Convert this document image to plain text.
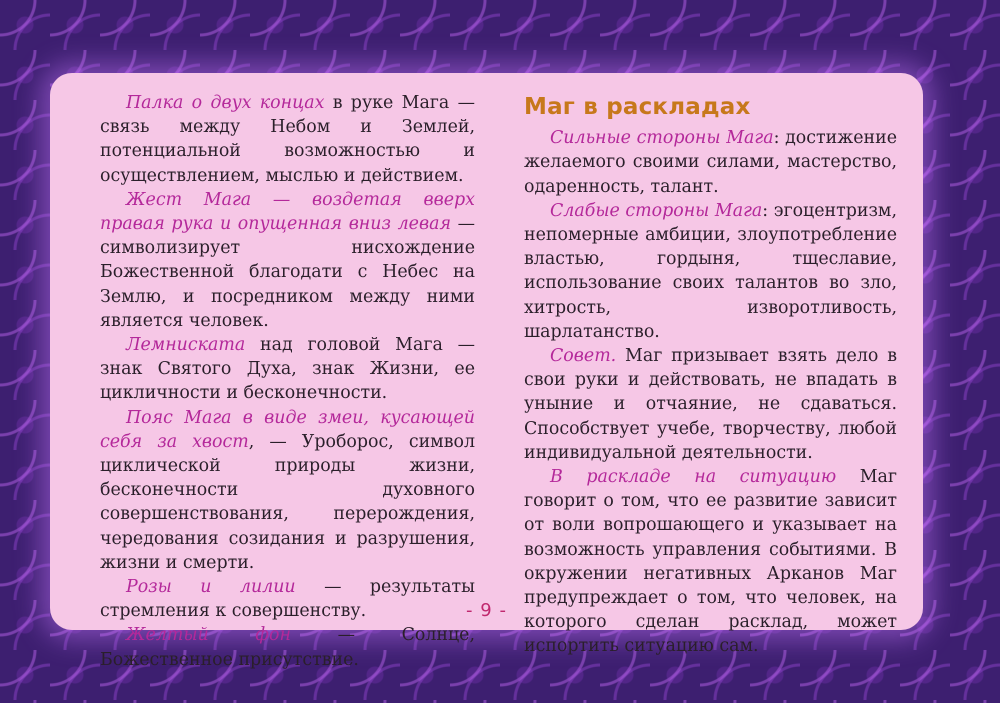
Палка о двух концах в руке Мага — связь между Небом и Землей, потенциальной возможностью и осуществлением, мыслью и действием.

Жест Мага — воздетая вверх правая рука и опущенная вниз левая — символизирует нисхождение Божественной благодати с Небес на Землю, и посредником между ними является человек.

Лемниската над головой Мага — знак Святого Духа, знак Жизни, ее цикличности и бесконечности.

Пояс Мага в виде змеи, кусающей себя за хвост, — Уроборос, символ циклической природы жизни, бесконечности духовного совершенствования, перерождения, чередования созидания и разрушения, жизни и смерти.

Розы и лилии — результаты стремления к совершенству.

Желтый фон — Солнце, Божественное присутствие.

Маг в раскладах

Сильные стороны Мага: достижение желаемого своими силами, мастерство, одаренность, талант.

Слабые стороны Мага: эгоцентризм, непомерные амбиции, злоупотребление властью, гордыня, тщеславие, использование своих талантов во зло, хитрость, изворотливость, шарлатанство.

Совет. Маг призывает взять дело в свои руки и действовать, не впадать в уныние и отчаяние, не сдаваться. Способствует учебе, творчеству, любой индивидуальной деятельности.

В раскладе на ситуацию Маг говорит о том, что ее развитие зависит от воли вопрошающего и указывает на возможность управления событиями. В окружении негативных Арканов Маг предупреждает о том, что человек, на которого сделан расклад, может испортить ситуацию сам.

- 9 -
